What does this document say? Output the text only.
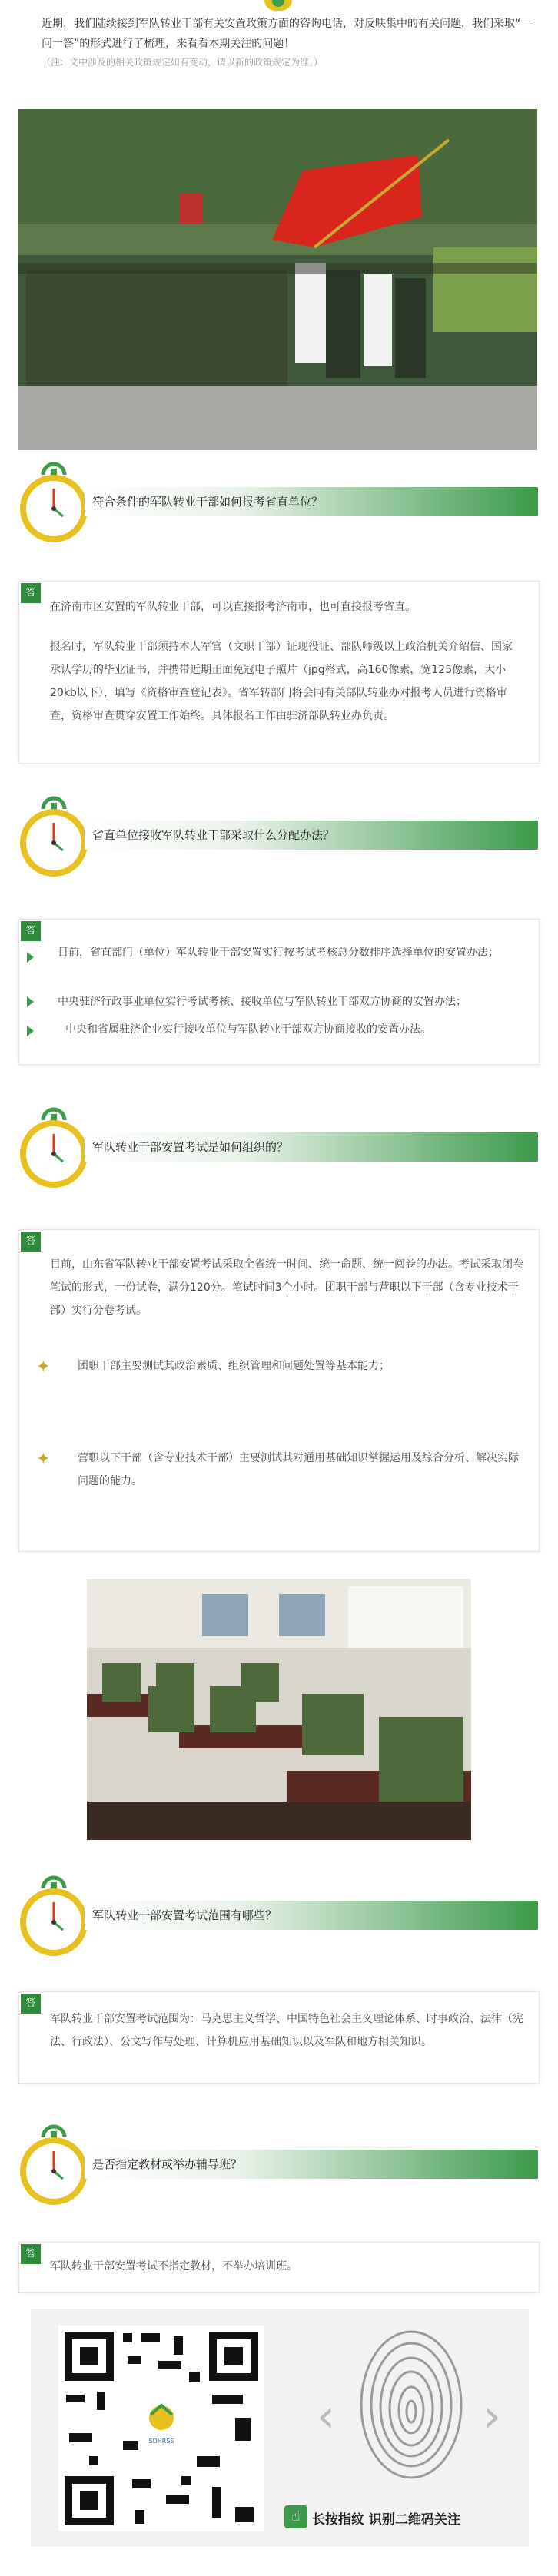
近期，我们陆续接到军队转业干部有关安置政策方面的咨询电话，对反映集中的有关问题，我们采取“一问一答”的形式进行了梳理，来看看本期关注的问题！
（注：文中涉及的相关政策规定如有变动，请以新的政策规定为准。）
符合条件的军队转业干部如何报考省直单位？
答
在济南市区安置的军队转业干部，可以直接报考济南市，也可直接报考省直。
报名时，军队转业干部须持本人军官（文职干部）证现役证、部队师级以上政治机关介绍信、国家承认学历的毕业证书，并携带近期正面免冠电子照片（jpg格式，高160像素，宽125像素，大小20kb以下），填写《资格审查登记表》。省军转部门将会同有关部队转业办对报考人员进行资格审查，资格审查贯穿安置工作始终。具体报名工作由驻济部队转业办负责。
省直单位接收军队转业干部采取什么分配办法？
答
目前，省直部门（单位）军队转业干部安置实行按考试考核总分数排序选择单位的安置办法；
中央驻济行政事业单位实行考试考核、接收单位与军队转业干部双方协商的安置办法；
中央和省属驻济企业实行接收单位与军队转业干部双方协商接收的安置办法。
军队转业干部安置考试是如何组织的？
答
目前，山东省军队转业干部安置考试采取全省统一时间、统一命题、统一阅卷的办法。考试采取闭卷笔试的形式，一份试卷，满分120分。笔试时间3个小时。团职干部与营职以下干部（含专业技术干部）实行分卷考试。
✦	团职干部主要测试其政治素质、组织管理和问题处置等基本能力；
✦	营职以下干部（含专业技术干部）主要测试其对通用基础知识掌握运用及综合分析、解决实际问题的能力。
军队转业干部安置考试范围有哪些？
答
军队转业干部安置考试范围为：马克思主义哲学、中国特色社会主义理论体系、时事政治、法律（宪法、行政法）、公文写作与处理、计算机应用基础知识以及军队和地方相关知识。
是否指定教材或举办辅导班？
答
军队转业干部安置考试不指定教材，不举办培训班。
SDHRSS	‹	›
☝ 长按指纹 识别二维码关注
